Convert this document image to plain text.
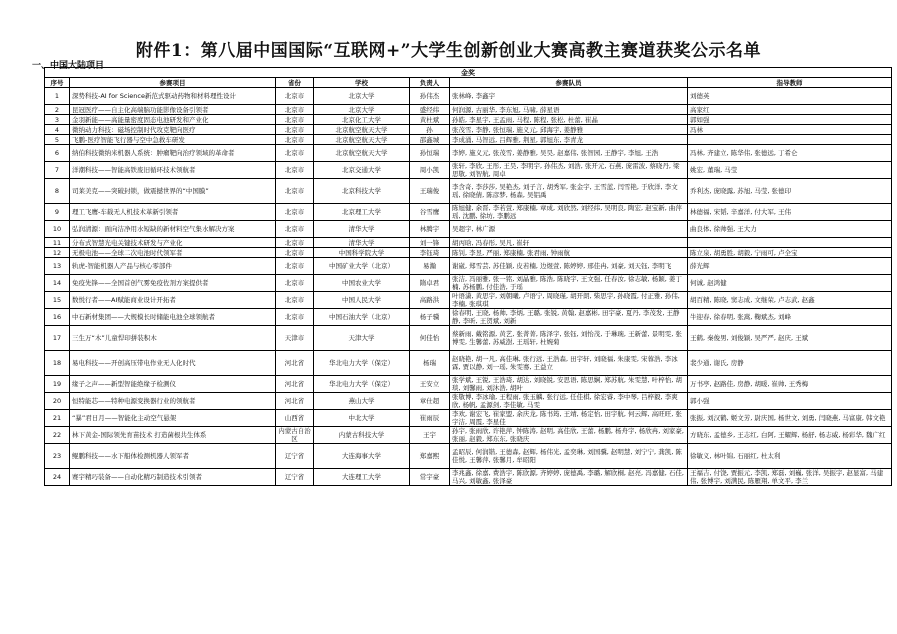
附件1：第八届中国国际“互联网+”大学生创新创业大赛高教主赛道获奖公示名单
一、中国大陆项目
金奖						
序号	参赛项目	省份	学校	负责人	参赛队员	指导教师
1	深势科技-AI for Science新范式驱动药物和材料理性设计	北京市	北京大学	孙伟杰	张林峰, 李鑫宇	刘德英
2	昆冠医疗——自主化高端脑功能影像设备引领者	北京市	北京大学	盛经纬	何润源, 古丽华, 李东旭, 马啸, 薛星语	高家红
3	金羽新能——高能量密度固态电池研发和产业化	北京市	北京化工大学	黄杜斌	孙皓, 李星宇, 王孟雨, 马程, 陈程, 张松, 杜蕾, 崔晶	郭如强
4	微纳动力科技：磁场控制时代攻克靶向医疗	北京市	北京航空航天大学	孙	张茂雪, 李静, 张恒瑞, 施义元, 邱海宇, 姜静雅	冯林
5	飞鹏-医疗智能飞行器与空中急救车研发	北京市	北京航空航天大学	邵鑫城	李成涌, 马智远, 吕辉雅, 荆星, 郭旭东, 李青龙	
6	纳伯科技微纳米机器人系统：肿瘤靶向治疗领域的革命者	北京市	北京航空航天大学	孙恒瑞	李婷, 施义元, 张茂雪, 姜静雅, 吴昊, 赵嘉伟, 张智园, 王静宇, 李旭, 王浩	冯林, 齐建立, 陈华伟, 张德远, 丁希仑
7	洋潮科技——智能高铁废旧循环技术领航者	北京市	北京交通大学	周小凯	张轩, 李欣, 王彤, 王昊, 李明宇, 孙伟杰, 刘浩, 张开元, 石燕, 庞雷波, 蔡晓丹, 梁思敬, 刘智航, 周卓	姚宏, 董瑞, 马莹
8	司莱美克——突破封锁，做震撼世界的“中国膜”	北京市	北京科技大学	王瑞俊	李含奇, 李莎莎, 吴艳杰, 刘子言, 胡秀军, 张金宇, 王雪蓝, 闫雪艳, 于欣洋, 李文瑶, 徐晓倩, 陈彦梦, 杨森, 吴铝禹	乔利杰, 庞晓露, 苏旭, 马莹, 张德印
9	理工飞鹰-车载无人机技术革新引领者	北京市	北京理工大学	谷雪鹰	陈旭健, 余晋, 李若萱, 郑康楠, 章成, 刘欣然, 刘经纬, 吴明良, 陶宏, 赵宝新, 曲萍瑶, 沈鹏, 徐坊, 李鹏远	林德福, 宋韬, 辛嘉洋, 付大军, 王伟
10	弘润清源：面向洁净用水短缺的新材料空气集水解决方案	北京市	清华大学	林腾宇	吴超宇, 林广源	曲良体, 徐帅强, 王大力
11	分布式智慧光电关键技术研发与产业化	北京市	清华大学	刘一锋	胡丙晗, 冯春彤, 吴凡, 崔轩	
12	无极电池——全球二次电池时代领军者	北京市	中国科学院大学	李钰琦	陈钊, 李昱, 严丽, 郑康楠, 张君雨, 钟雨航	陈立泉, 胡勇胜, 胡毅, 宁雨可, 卢全宝
13	轨虎-智能机器人产品与核心零部件	北京市	中国矿业大学（北京）	易瀚	谢崴, 郑雪芸, 苏佳颖, 皮若楠, 边煜萱, 陈婷婷, 邢佳冉, 刘豪, 刘天钰, 李明飞	薛光辉
14	免疫先锋——全国首创气雾免疫佐剂方案提供者	北京市	中国农业大学	隋卓君	张洁, 冯丽雅, 张一铭, 刘晶雅, 陈浩, 陈晓宇, 王文强, 任春汝, 徐志敏, 杨颖, 姜丁楠, 苏杨鹏, 付佳浩, 于瑶	何诚, 赵鸿健
15	数悦行者——AI赋能商业设计开拓者	北京市	中国人民大学	高路洪	叶语潇, 黄思宇, 刘朝曦, 卢语宁, 周晓瑾, 胡开朗, 柴思宇, 孙晓霞, 付正雅, 孙伟, 李楠, 张琪琪	胡百精, 陈晓, 窦志成, 文继荣, 卢志武, 赵鑫
16	中石新材集团——大规模长时储能电池全球领航者	北京市	中国石油大学（北京）	杨子骥	徐春明, 王晓, 杨帅, 李炳, 王璐, 张锐, 黄翰, 赵嘉彬, 田宇豪, 夏丹, 李茂发, 王静静, 李昕, 王贺斌, 刘新	牛迎春, 徐春明, 张嵩, 鞠斌杰, 刘峰
17	三生万“木”儿童悍印拼装积木	天津市	天津大学	何佳怡	蔡新雨, 戴铭源, 黄艺, 张菁菁, 陈泽宇, 张钰, 刘怡茂, 于琳琬, 王新蕾, 景明雯, 张博雯, 生馨蕾, 苏威澍, 王瑶轩, 杜婉菊	王鹤, 秦俊男, 刘俊颖, 吴严严, 赵庆, 王斌
18	易电科技——开创高压带电作业无人化时代	河北省	华北电力大学（保定）	杨瑞	赵晓艳, 胡一凡, 高佳琳, 张行远, 王浩森, 田宇轩, 刘晓福, 朱康雯, 宋蓉浩, 李冰霖, 贾以静, 刘一瑶, 朱雯骞, 王益立	裴少通, 谢氏, 房静
19	缘子之声——新型智能绝缘子检测仪	河北省	华北电力大学（保定）	王安立	张学斌, 王锐, 王浩琦, 胡达, 刘晓锐, 安思语, 陈思娴, 郑苏航, 朱雯慧, 叶梓怡, 胡琰, 刘馨雨, 刘沐浩, 胡叶	万书亭, 赵路佳, 房静, 胡暖, 崔帅, 王秀梅
20	恒特能芯——特种电源变换器行业的领航者	河北省	燕山大学	章仕超	张敬博, 李冰瑜, 王程雨, 张玉麟, 张行远, 任佳棋, 徐宏睿, 李中琴, 吕梓毅, 李爽欣, 杨帆, 孟源剑, 李佳敏, 马雯	郭小强
21	“暴”君日月——智能化主动空气悬架	山西省	中北大学	崔雨辰	李欢, 谢宏飞, 崔家盟, 余庆龙, 陈书筠, 王靖, 杨定怡, 田宇航, 何云辉, 高旺旺, 张宇洁, 周霞, 李星佳	张振, 刘汉鹤, 姬文芳, 尉庆国, 杨世文, 刘勇, 闫晓燕, 马富康, 韩文艳
22	林下黄金-国际领先育苗技术 打造菌根共生体系	内蒙古自治区	内蒙古科技大学	王宇	孙宇, 张雨欣, 许艳萍, 钟陈涛, 赵明, 高佳欣, 王蕾, 杨鹏, 杨舟宇, 杨欣冉, 刘家豪, 张丽, 赵毅, 郑东东, 张晓庆	方晓东, 孟德乡, 王志红, 白阿, 王耀辉, 杨舒, 杨志威, 杨彩华, 魏广红
23	鲲鹏科技——水下船体检测机器人领军者	辽宁省	大连海事大学	郑嘉熙	孟昭辰, 何润锴, 王德森, 赵辉, 杨伟光, 孟奕琳, 刘国骥, 赵明慧, 刘宁宁, 龚凯, 陈佳悦, 王馨萍, 张馨月, 牟昭阳	徐敏义, 林叶锦, 石丽红, 杜太利
24	赛宇精巧装备——自动化精巧制造技术引领者	辽宁省	大连理工大学	常宇豪	李兆鑫, 徐嘉, 费浩宇, 陈欣源, 齐婷婷, 庞德禹, 李璐, 解欣桐, 赵亮, 冯嘉健, 石佳, 马兴, 刘敏鑫, 张泽豪	王福吉, 付饶, 贾振元, 李凯, 郑磊, 刘巍, 张洋, 吴振宇, 赵显富, 马建伟, 张博宇, 刘满民, 陈雁翔, 单文平, 李兰
